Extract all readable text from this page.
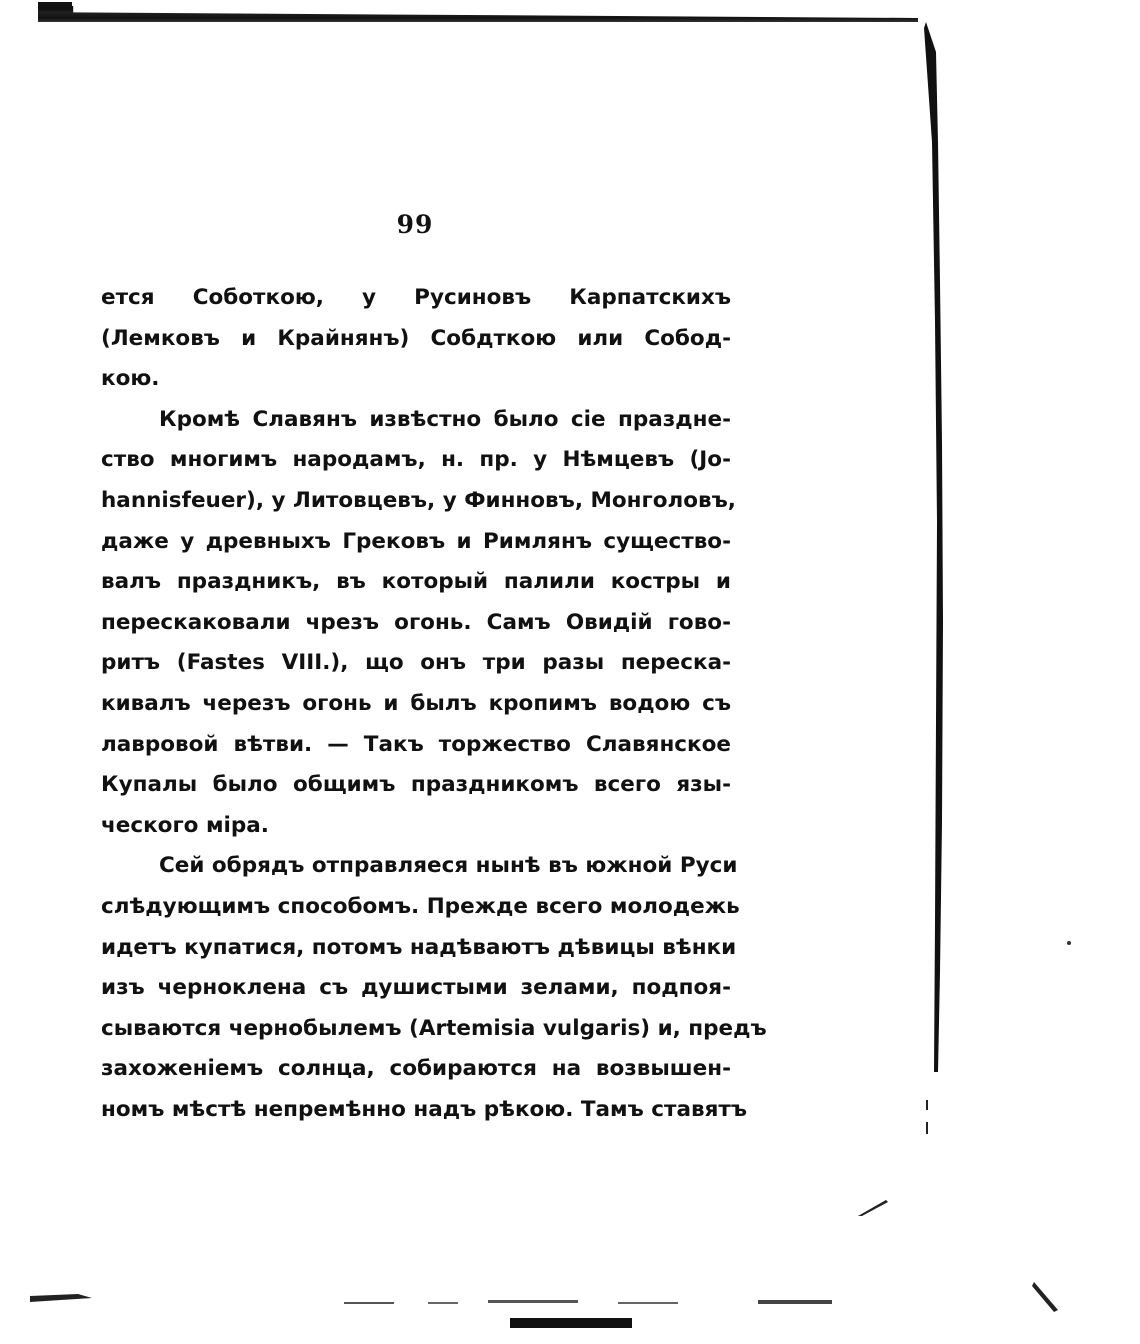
99

ется Соботкою, у Русиновъ Карпатскихъ
(Лемковъ и Крайнянъ) Собдткою или Собод-
кою.

Кромѣ Славянъ извѣстно было сіе праздне-
ство многимъ народамъ, н. пр. у Нѣмцевъ (Jo-
hannisfeuer), у Литовцевъ, у Финновъ, Монголовъ,
даже у древныхъ Грековъ и Римлянъ существо-
валъ праздникъ, въ который палили костры и
перескаковали чрезъ огонь. Самъ Овидій гово-
ритъ (Fastes VIII.), що онъ три разы переска-
кивалъ черезъ огонь и былъ кропимъ водою съ
лавровой вѣтви. — Такъ торжество Славянское
Купалы было общимъ праздникомъ всего язы-
ческого міра.

Сей обрядъ отправляеся нынѣ въ южной Руси
слѣдующимъ способомъ. Прежде всего молодежь
идетъ купатися, потомъ надѣваютъ дѣвицы вѣнки
изъ черноклена съ душистыми зелами, подпоя-
сываются чернобылемъ (Artemisia vulgaris) и, предъ
захоженіемъ солнца, собираются на возвышен-
номъ мѣстѣ непремѣнно надъ рѣкою. Тамъ ставятъ
